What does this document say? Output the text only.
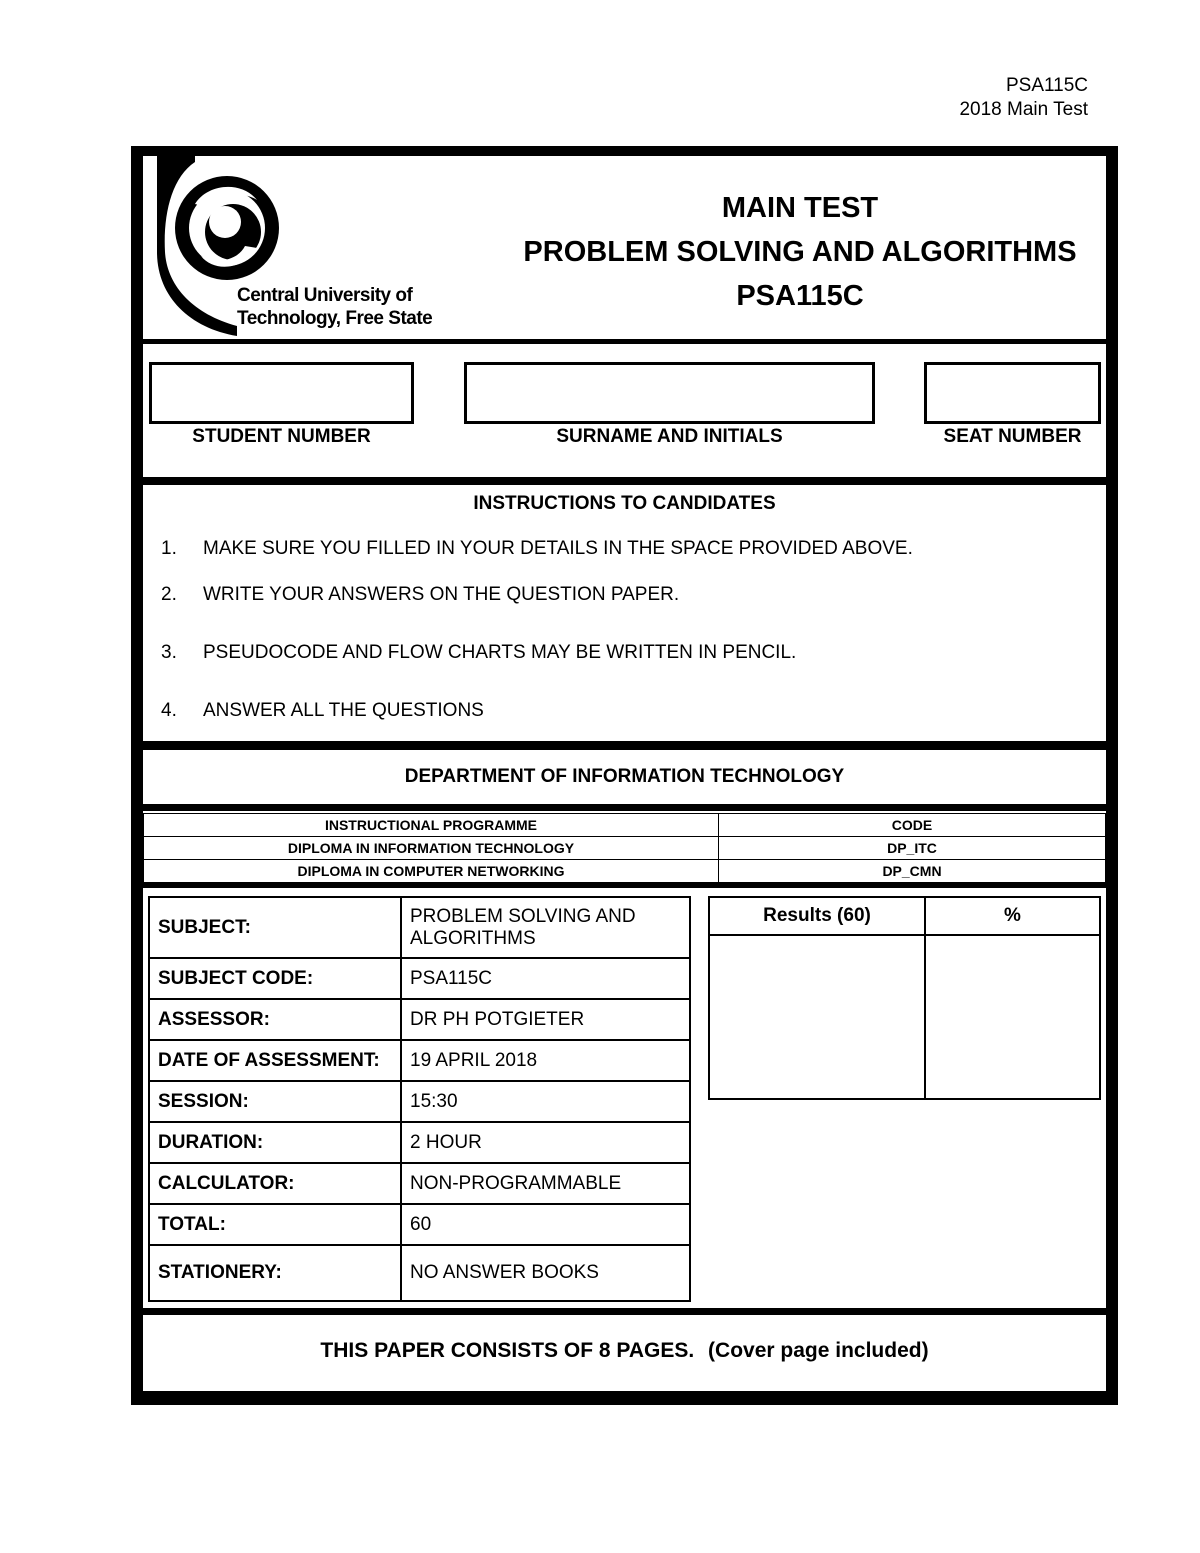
PSA115C
2018 Main Test
Central University of
Technology, Free State
MAIN TEST
PROBLEM SOLVING AND ALGORITHMS
PSA115C
STUDENT NUMBER	SURNAME AND INITIALS	SEAT NUMBER
INSTRUCTIONS TO CANDIDATES
1. MAKE SURE YOU FILLED IN YOUR DETAILS IN THE SPACE PROVIDED ABOVE.
2. WRITE YOUR ANSWERS ON THE QUESTION PAPER.
3. PSEUDOCODE AND FLOW CHARTS MAY BE WRITTEN IN PENCIL.
4. ANSWER ALL THE QUESTIONS
DEPARTMENT OF INFORMATION TECHNOLOGY
INSTRUCTIONAL PROGRAMME	CODE
DIPLOMA IN INFORMATION TECHNOLOGY	DP_ITC
DIPLOMA IN COMPUTER NETWORKING	DP_CMN
SUBJECT:	PROBLEM SOLVING AND ALGORITHMS
SUBJECT CODE:	PSA115C
ASSESSOR:	DR PH POTGIETER
DATE OF ASSESSMENT:	19 APRIL 2018
SESSION:	15:30
DURATION:	2 HOUR
CALCULATOR:	NON-PROGRAMMABLE
TOTAL:	60
STATIONERY:	NO ANSWER BOOKS
Results (60)	%

THIS PAPER CONSISTS OF 8 PAGES. (Cover page included)
